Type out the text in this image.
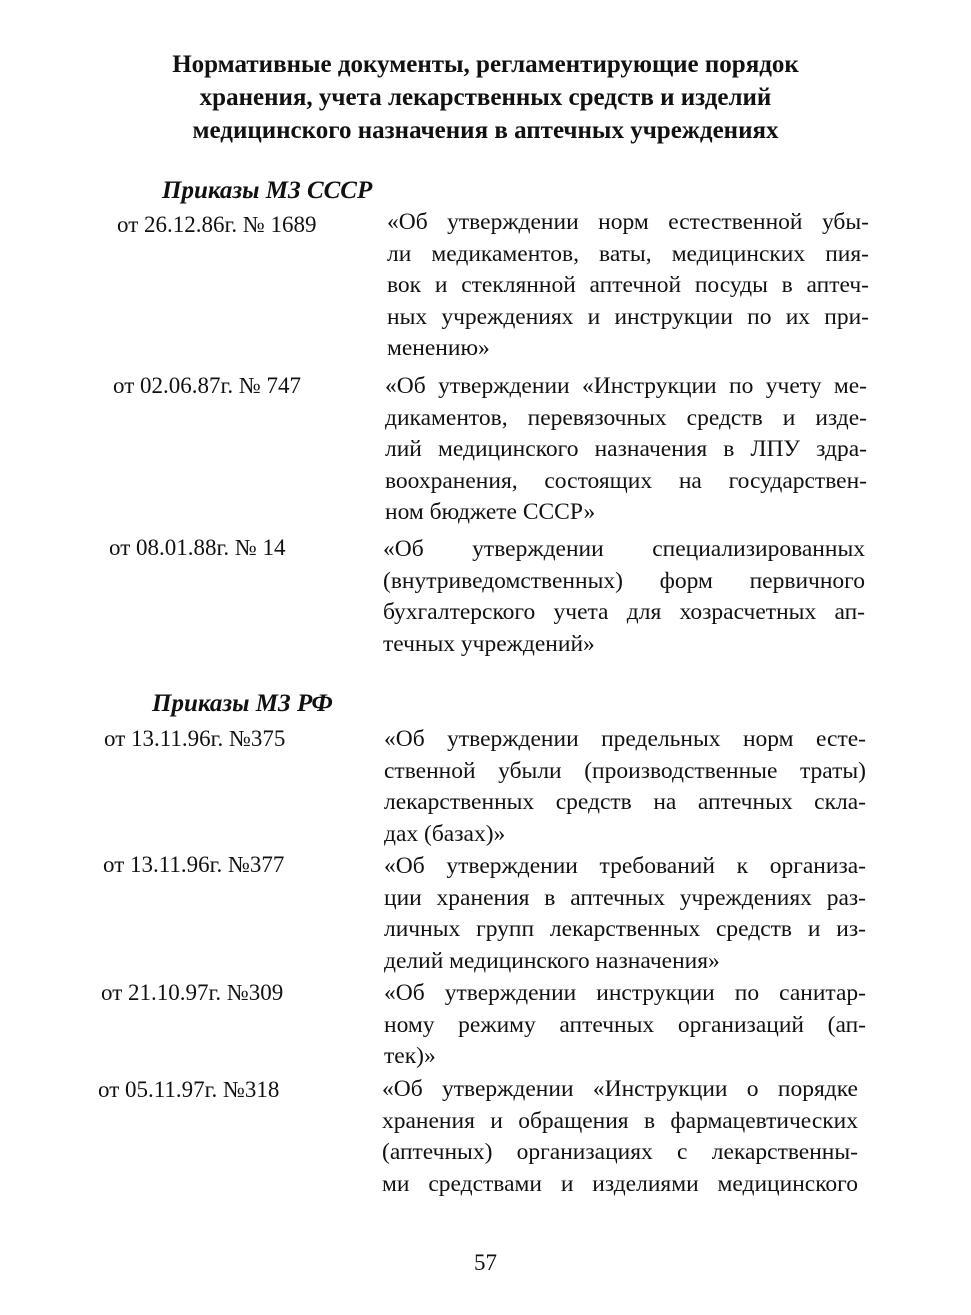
Нормативные документы, регламентирующие порядок
хранения, учета лекарственных средств и изделий
медицинского назначения в аптечных учреждениях
Приказы МЗ СССР
от 26.12.86г. № 1689	«Об утверждении норм естественной убы-
ли медикаментов, ваты, медицинских пия-
вок и стеклянной аптечной посуды в аптеч-
ных учреждениях и инструкции по их при-
менению»
от 02.06.87г. № 747	«Об утверждении «Инструкции по учету ме-
дикаментов, перевязочных средств и изде-
лий медицинского назначения в ЛПУ здра-
воохранения, состоящих на государствен-
ном бюджете СССР»
от 08.01.88г. № 14	«Об утверждении специализированных
(внутриведомственных) форм первичного
бухгалтерского учета для хозрасчетных ап-
течных учреждений»
Приказы МЗ РФ
от 13.11.96г. №375	«Об утверждении предельных норм есте-
ственной убыли (производственные траты)
лекарственных средств на аптечных скла-
дах (базах)»
от 13.11.96г. №377	«Об утверждении требований к организа-
ции хранения в аптечных учреждениях раз-
личных групп лекарственных средств и из-
делий медицинского назначения»
от 21.10.97г. №309	«Об утверждении инструкции по санитар-
ному режиму аптечных организаций (ап-
тек)»
от 05.11.97г. №318	«Об утверждении «Инструкции о порядке
хранения и обращения в фармацевтических
(аптечных) организациях с лекарственны-
ми средствами и изделиями медицинского
57
